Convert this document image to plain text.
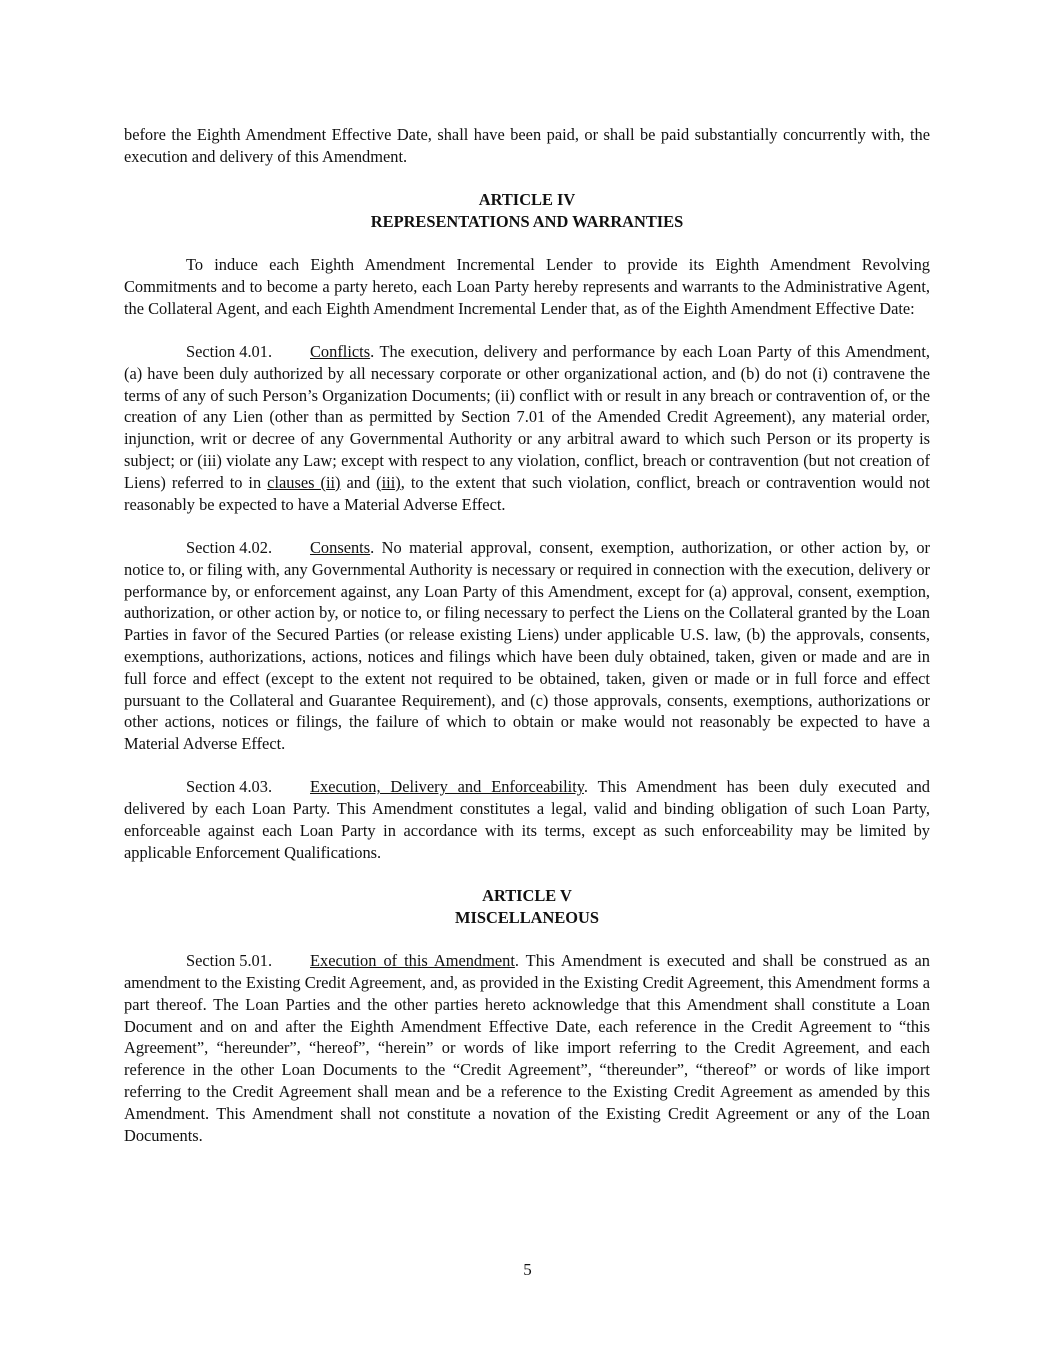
before the Eighth Amendment Effective Date, shall have been paid, or shall be paid substantially concurrently with, the execution and delivery of this Amendment.

ARTICLE IV
REPRESENTATIONS AND WARRANTIES

To induce each Eighth Amendment Incremental Lender to provide its Eighth Amendment Revolving Commitments and to become a party hereto, each Loan Party hereby represents and warrants to the Administrative Agent, the Collateral Agent, and each Eighth Amendment Incremental Lender that, as of the Eighth Amendment Effective Date:

Section 4.01. Conflicts. The execution, delivery and performance by each Loan Party of this Amendment, (a) have been duly authorized by all necessary corporate or other organizational action, and (b) do not (i) contravene the terms of any of such Person’s Organization Documents; (ii) conflict with or result in any breach or contravention of, or the creation of any Lien (other than as permitted by Section 7.01 of the Amended Credit Agreement), any material order, injunction, writ or decree of any Governmental Authority or any arbitral award to which such Person or its property is subject; or (iii) violate any Law; except with respect to any violation, conflict, breach or contravention (but not creation of Liens) referred to in clauses (ii) and (iii), to the extent that such violation, conflict, breach or contravention would not reasonably be expected to have a Material Adverse Effect.

Section 4.02. Consents. No material approval, consent, exemption, authorization, or other action by, or notice to, or filing with, any Governmental Authority is necessary or required in connection with the execution, delivery or performance by, or enforcement against, any Loan Party of this Amendment, except for (a) approval, consent, exemption, authorization, or other action by, or notice to, or filing necessary to perfect the Liens on the Collateral granted by the Loan Parties in favor of the Secured Parties (or release existing Liens) under applicable U.S. law, (b) the approvals, consents, exemptions, authorizations, actions, notices and filings which have been duly obtained, taken, given or made and are in full force and effect (except to the extent not required to be obtained, taken, given or made or in full force and effect pursuant to the Collateral and Guarantee Requirement), and (c) those approvals, consents, exemptions, authorizations or other actions, notices or filings, the failure of which to obtain or make would not reasonably be expected to have a Material Adverse Effect.

Section 4.03. Execution, Delivery and Enforceability. This Amendment has been duly executed and delivered by each Loan Party. This Amendment constitutes a legal, valid and binding obligation of such Loan Party, enforceable against each Loan Party in accordance with its terms, except as such enforceability may be limited by applicable Enforcement Qualifications.

ARTICLE V
MISCELLANEOUS

Section 5.01. Execution of this Amendment. This Amendment is executed and shall be construed as an amendment to the Existing Credit Agreement, and, as provided in the Existing Credit Agreement, this Amendment forms a part thereof. The Loan Parties and the other parties hereto acknowledge that this Amendment shall constitute a Loan Document and on and after the Eighth Amendment Effective Date, each reference in the Credit Agreement to “this Agreement”, “hereunder”, “hereof”, “herein” or words of like import referring to the Credit Agreement, and each reference in the other Loan Documents to the “Credit Agreement”, “thereunder”, “thereof” or words of like import referring to the Credit Agreement shall mean and be a reference to the Existing Credit Agreement as amended by this Amendment. This Amendment shall not constitute a novation of the Existing Credit Agreement or any of the Loan Documents.

5
